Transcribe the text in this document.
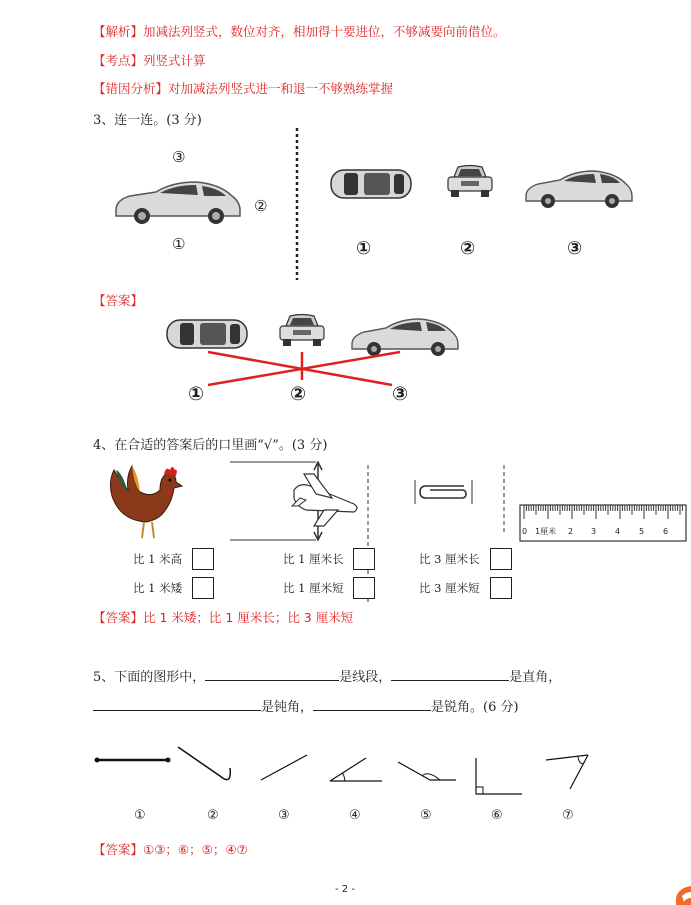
【解析】加减法列竖式，数位对齐，相加得十要进位，不够减要向前借位。
【考点】列竖式计算
【错因分析】对加减法列竖式进一和退一不够熟练掌握
3、连一连。(3 分)
③
②
①	①	②	③
【答案】
①	②	③
4、在合适的答案后的口里画“√”。(3 分)
0 1厘米 2 3 4 5 6
比 1 米高
比 1 米矮
比 1 厘米长
比 1 厘米短
比 3 厘米长
比 3 厘米短
【答案】比 1 米矮；比 1 厘米长；比 3 厘米短
5、下面的图形中，	是线段，	是直角，
是钝角，	是锐角。(6 分)
①	②	③	④	⑤	⑥	⑦
【答案】①③；⑥；⑤；④⑦
- 2 -
